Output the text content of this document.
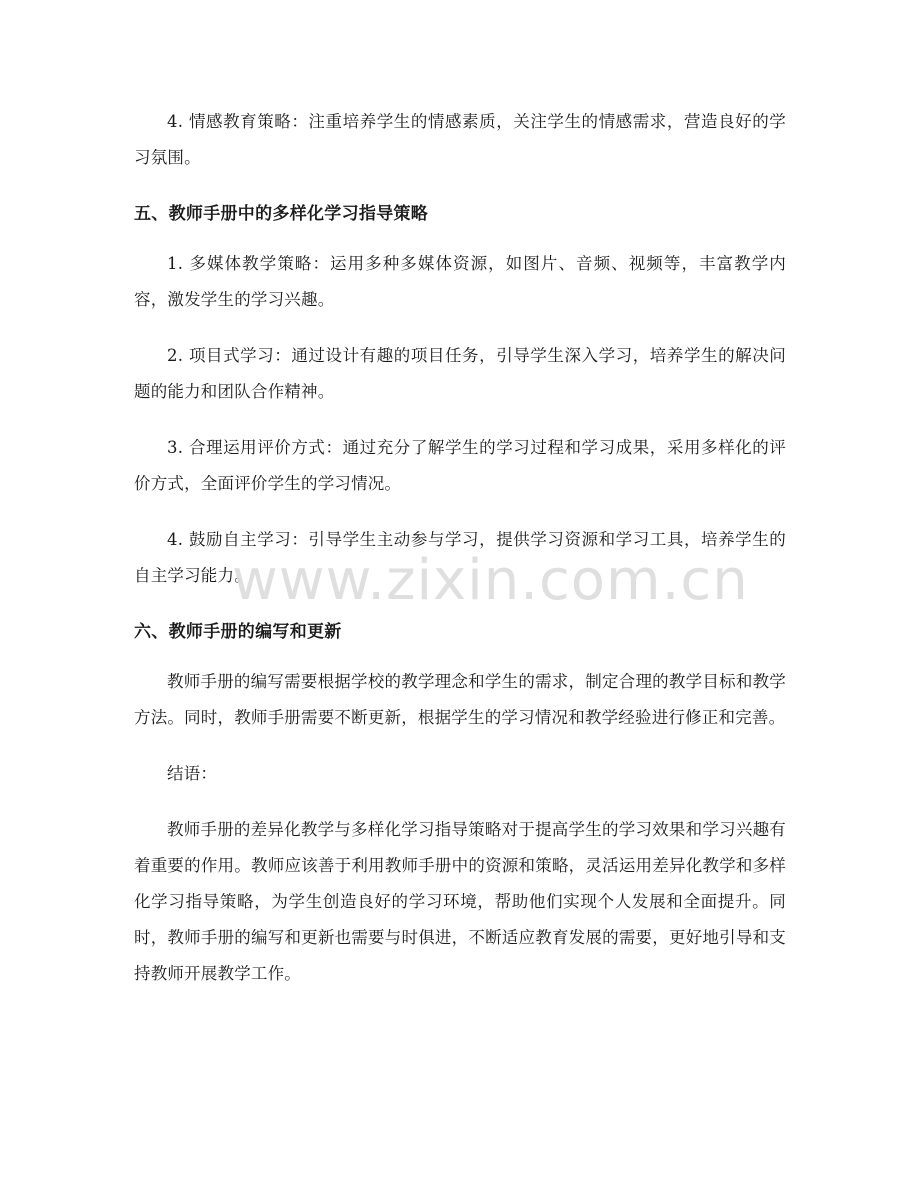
4. 情感教育策略：注重培养学生的情感素质，关注学生的情感需求，营造良好的学习氛围。

五、教师手册中的多样化学习指导策略

1. 多媒体教学策略：运用多种多媒体资源，如图片、音频、视频等，丰富教学内容，激发学生的学习兴趣。

2. 项目式学习：通过设计有趣的项目任务，引导学生深入学习，培养学生的解决问题的能力和团队合作精神。

3. 合理运用评价方式：通过充分了解学生的学习过程和学习成果，采用多样化的评价方式，全面评价学生的学习情况。

4. 鼓励自主学习：引导学生主动参与学习，提供学习资源和学习工具，培养学生的自主学习能力。

六、教师手册的编写和更新

教师手册的编写需要根据学校的教学理念和学生的需求，制定合理的教学目标和教学方法。同时，教师手册需要不断更新，根据学生的学习情况和教学经验进行修正和完善。

结语：

教师手册的差异化教学与多样化学习指导策略对于提高学生的学习效果和学习兴趣有着重要的作用。教师应该善于利用教师手册中的资源和策略，灵活运用差异化教学和多样化学习指导策略，为学生创造良好的学习环境，帮助他们实现个人发展和全面提升。同时，教师手册的编写和更新也需要与时俱进，不断适应教育发展的需要，更好地引导和支持教师开展教学工作。

www.zixin.com.cn
